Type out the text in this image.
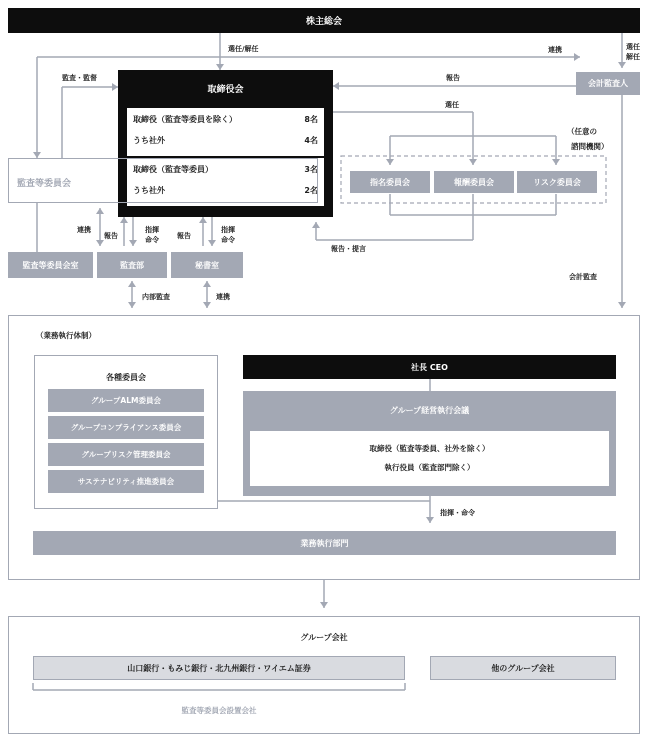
株主総会
選任/解任
監査・監督
連携	選任
解任
報告
選任
取締役会
取締役（監査等委員を除く）	8名
うち社外	4名
取締役（監査等委員）	3名
うち社外	2名
監査等委員会
会計監査人
（任意の
諮問機関）
指名委員会	報酬委員会	リスク委員会
連携
報告
指揮
命令	報告
指揮
命令
報告・提言
監査等委員会室	監査部	秘書室
内部監査	連携
会計監査
（業務執行体制）
各種委員会
グループALM委員会
グループコンプライアンス委員会
グループリスク管理委員会
サステナビリティ推進委員会
社長 CEO
グループ経営執行会議
取締役（監査等委員、社外を除く）
執行役員（監査部門除く）
指揮・命令
業務執行部門
グループ会社
山口銀行・もみじ銀行・北九州銀行・ワイエム証券	他のグループ会社
監査等委員会設置会社
